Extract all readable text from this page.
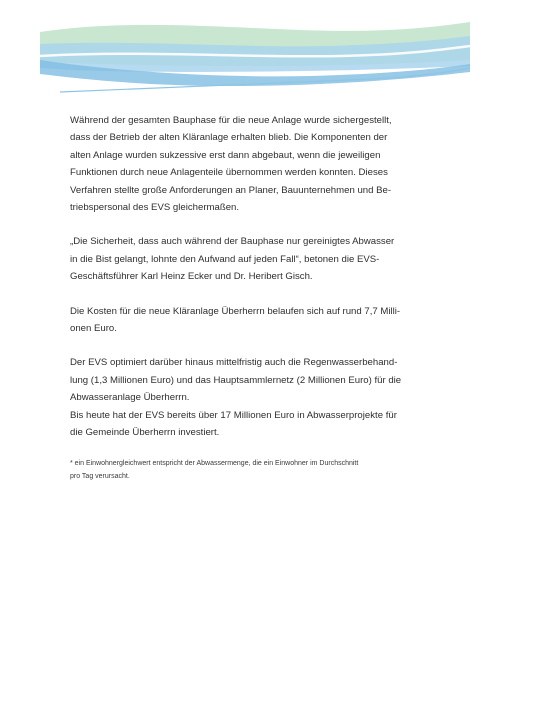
Während der gesamten Bauphase für die neue Anlage wurde sichergestellt,
dass der Betrieb der alten Kläranlage erhalten blieb. Die Komponenten der
alten Anlage wurden sukzessive erst dann abgebaut, wenn die jeweiligen
Funktionen durch neue Anlagenteile übernommen werden konnten. Dieses
Verfahren stellte große Anforderungen an Planer, Bauunternehmen und Be-
triebspersonal des EVS gleichermaßen.

„Die Sicherheit, dass auch während der Bauphase nur gereinigtes Abwasser
in die Bist gelangt, lohnte den Aufwand auf jeden Fall“, betonen die EVS-
Geschäftsführer Karl Heinz Ecker und Dr. Heribert Gisch.

Die Kosten für die neue Kläranlage Überherrn belaufen sich auf rund 7,7 Milli-
onen Euro.

Der EVS optimiert darüber hinaus mittelfristig auch die Regenwasserbehand-
lung (1,3 Millionen Euro) und das Hauptsammlernetz (2 Millionen Euro) für die
Abwasseranlage Überherrn.

Bis heute hat der EVS bereits über 17 Millionen Euro in Abwasserprojekte für
die Gemeinde Überherrn investiert.

* ein Einwohnergleichwert entspricht der Abwassermenge, die ein Einwohner im Durchschnitt
pro Tag verursacht.
